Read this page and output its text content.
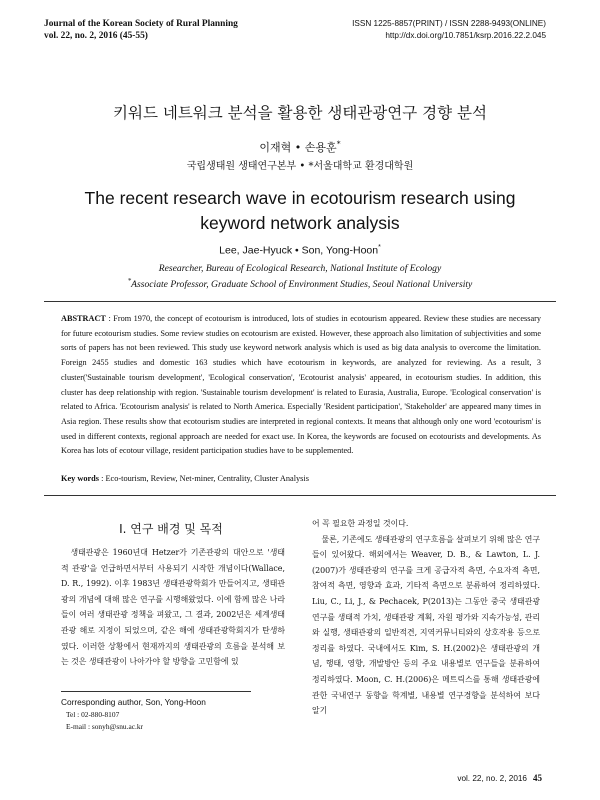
Journal of the Korean Society of Rural Planning
vol. 22, no. 2, 2016 (45-55)
ISSN 1225-8857(PRINT) / ISSN 2288-9493(ONLINE)
http://dx.doi.org/10.7851/ksrp.2016.22.2.045
키워드 네트워크 분석을 활용한 생태관광연구 경향 분석
이재혁 • 손용훈*
국립생태원 생태연구본부 • *서울대학교 환경대학원
The recent research wave in ecotourism research using
keyword network analysis
Lee, Jae-Hyuck • Son, Yong-Hoon*
Researcher, Bureau of Ecological Research, National Institute of Ecology
*Associate Professor, Graduate School of Environment Studies, Seoul National University
ABSTRACT : From 1970, the concept of ecotourism is introduced, lots of studies in ecotourism appeared. Review these studies are necessary for future ecotourism studies. Some review studies on ecotourism are existed. However, these approach also limitation of subjectivities and some sorts of papers has not been reviewed. This study use keyword network analysis which is used as big data analysis to overcome the limitation. Foreign 2455 studies and domestic 163 studies which have ecotourism in keywords, are analyzed for reviewing. As a result, 3 cluster('Sustainable tourism development', 'Ecological conservation', 'Ecotourist analysis' appeared, in ecotourism studies. In addition, this cluster has deep relationship with region. 'Sustainable tourism development' is related to Eurasia, Australia, Europe. 'Ecological conservation' is related to Africa. 'Ecotourism analysis' is related to North America. Especially 'Resident participation', 'Stakeholder' are appeared many times in Asia region. These results show that ecotourism studies are interpreted in regional contexts. It means that although only one word 'ecotourism' is used in different contexts, regional approach are needed for exact use. In Korea, the keywords are focused on ecotourists and developments. As Korea has lots of ecotour village, resident participation studies have to be supplemented.
Key words : Eco-tourism, Review, Net-miner, Centrality, Cluster Analysis
I. 연구 배경 및 목적

생태관광은 1960년대 Hetzer가 기존관광의 대안으로 '생태적 관광'을 언급하면서부터 사용되기 시작한 개념이다(Wallace, D. R., 1992). 이후 1983년 생태관광학회가 만들어지고, 생태관광의 개념에 대해 많은 연구를 시행해왔었다. 이에 함께 많은 나라들이 여러 생태관광 정책을 펴왔고, 그 결과, 2002년은 세계생태관광 해로 지정이 되었으며, 같은 해에 생태관광학회지가 탄생하였다. 이러한 상황에서 현재까지의 생태관광의 흐름을 분석해 보는 것은 생태관광이 나아가야 할 방향을 고민함에 있

어 꼭 필요한 과정일 것이다.

물론, 기존에도 생태관광의 연구흐름을 살펴보기 위해 많은 연구들이 있어왔다. 해외에서는 Weaver, D. B., & Lawton, L. J.(2007)가 생태관광의 연구를 크게 공급자적 측면, 수요자적 측면, 참여적 측면, 영향과 효과, 기타적 측면으로 분류하여 정리하였다. Liu, C., Li, J., & Pechacek, P(2013)는 그동안 중국 생태관광 연구를 생태적 가치, 생태관광 계획, 자원 평가와 지속가능성, 관리와 실행, 생태관광의 일반적견, 지역커뮤니티와의 상호작용 등으로 정리를 하였다. 국내에서도 Kim, S. H.(2002)은 생태관광의 개념, 행태, 영향, 개발방안 등의 주요 내용별로 연구들을 분류하여 정리하였다. Moon, C. H.(2006)은 메트릭스를 통해 생태관광에 관한 국내연구 동향을 학계별, 내용별 연구경향을 분석하여 보다 알기

Corresponding author, Son, Yong-Hoon
Tel : 02-880-8107
E-mail : sonyh@snu.ac.kr
vol. 22, no. 2, 2016 45
